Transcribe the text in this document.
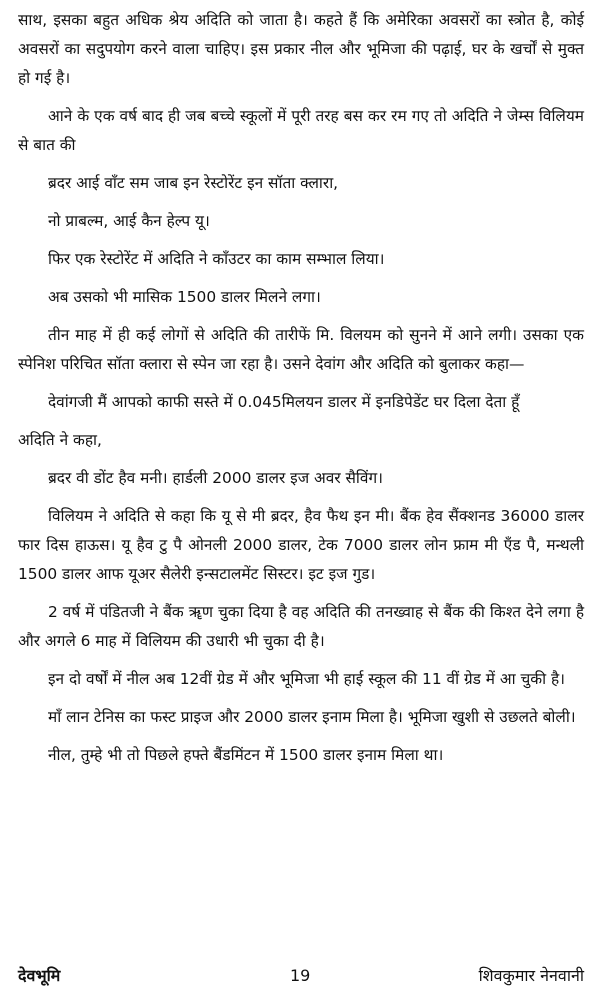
साथ, इसका बहुत अधिक श्रेय अदिति को जाता है। कहते हैं कि अमेरिका अवसरों का स्त्रोत है, कोई अवसरों का सदुपयोग करने वाला चाहिए। इस प्रकार नील और भूमिजा की पढ़ाई, घर के खर्चों से मुक्त हो गई है।

आने के एक वर्ष बाद ही जब बच्चे स्कूलों में पूरी तरह बस कर रम गए तो अदिति ने जेम्स विलियम से बात की

ब्रदर आई वाँट सम जाब इन रेस्टोरेंट इन सॉता क्लारा,

नो प्राबल्म, आई कैन हेल्प यू।

फिर एक रेस्टोरेंट में अदिति ने काँउटर का काम सम्भाल लिया।

अब उसको भी मासिक 1500 डालर मिलने लगा।

तीन माह में ही कई लोगों से अदिति की तारीफें मि. विलयम को सुनने में आने लगी। उसका एक स्पेनिश परिचित सॉता क्लारा से स्पेन जा रहा है। उसने देवांग और अदिति को बुलाकर कहा—

देवांगजी मैं आपको काफी सस्ते में 0.045मिलयन डालर में इनडिपेडेंट घर दिला देता हूँ

अदिति ने कहा,

ब्रदर वी डोंट हैव मनी। हार्डली 2000 डालर इज अवर सैविंग।

विलियम ने अदिति से कहा कि यू से मी ब्रदर, हैव फैथ इन मी। बैंक हेव सैंक्शनड 36000 डालर फार दिस हाऊस। यू हैव टु पै ओनली 2000 डालर, टेक 7000 डालर लोन फ्राम मी एँड पै, मन्थली 1500 डालर आफ यूअर सैलेरी इन्सटालमेंट सिस्टर। इट इज गुड।

2 वर्ष में पंडितजी ने बैंक ॠण चुका दिया है वह अदिति की तनख्वाह से बैंक की किश्त देने लगा है और अगले 6 माह में विलियम की उधारी भी चुका दी है।

इन दो वर्षों में नील अब 12वीं ग्रेड में और भूमिजा भी हाई स्कूल की 11 वीं ग्रेड में आ चुकी है।

माँ लान टेनिस का फस्ट प्राइज और 2000 डालर इनाम मिला है। भूमिजा खुशी से उछलते बोली।

नील, तुम्हे भी तो पिछले हफ्ते बैंडमिंटन में 1500 डालर इनाम मिला था।

देवभूमि	19	शिवकुमार नेनवानी
